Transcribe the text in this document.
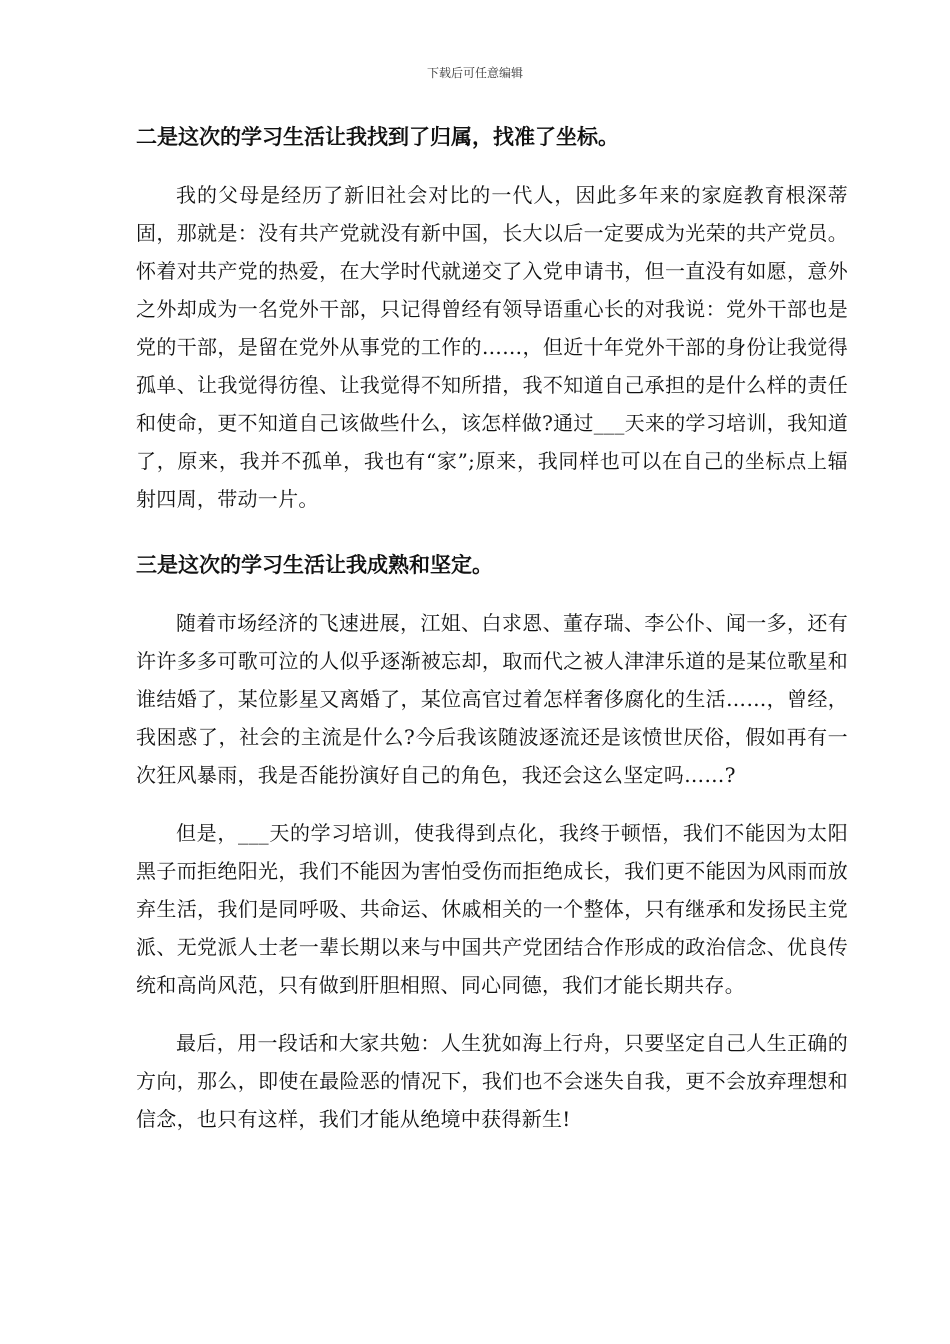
下载后可任意编辑
二是这次的学习生活让我找到了归属，找准了坐标。

我的父母是经历了新旧社会对比的一代人，因此多年来的家庭教育根深蒂固，那就是：没有共产党就没有新中国，长大以后一定要成为光荣的共产党员。怀着对共产党的热爱，在大学时代就递交了入党申请书，但一直没有如愿，意外之外却成为一名党外干部，只记得曾经有领导语重心长的对我说：党外干部也是党的干部，是留在党外从事党的工作的……，但近十年党外干部的身份让我觉得孤单、让我觉得彷徨、让我觉得不知所措，我不知道自己承担的是什么样的责任和使命，更不知道自己该做些什么，该怎样做?通过___天来的学习培训，我知道了，原来，我并不孤单，我也有“家”;原来，我同样也可以在自己的坐标点上辐射四周，带动一片。

三是这次的学习生活让我成熟和坚定。

随着市场经济的飞速进展，江姐、白求恩、董存瑞、李公仆、闻一多，还有许许多多可歌可泣的人似乎逐渐被忘却，取而代之被人津津乐道的是某位歌星和谁结婚了，某位影星又离婚了，某位高官过着怎样奢侈腐化的生活……，曾经，我困惑了，社会的主流是什么?今后我该随波逐流还是该愤世厌俗，假如再有一次狂风暴雨，我是否能扮演好自己的角色，我还会这么坚定吗……?

但是，___天的学习培训，使我得到点化，我终于顿悟，我们不能因为太阳黑子而拒绝阳光，我们不能因为害怕受伤而拒绝成长，我们更不能因为风雨而放弃生活，我们是同呼吸、共命运、休戚相关的一个整体，只有继承和发扬民主党派、无党派人士老一辈长期以来与中国共产党团结合作形成的政治信念、优良传统和高尚风范，只有做到肝胆相照、同心同德，我们才能长期共存。

最后，用一段话和大家共勉：人生犹如海上行舟，只要坚定自己人生正确的方向，那么，即使在最险恶的情况下，我们也不会迷失自我，更不会放弃理想和信念，也只有这样，我们才能从绝境中获得新生!
